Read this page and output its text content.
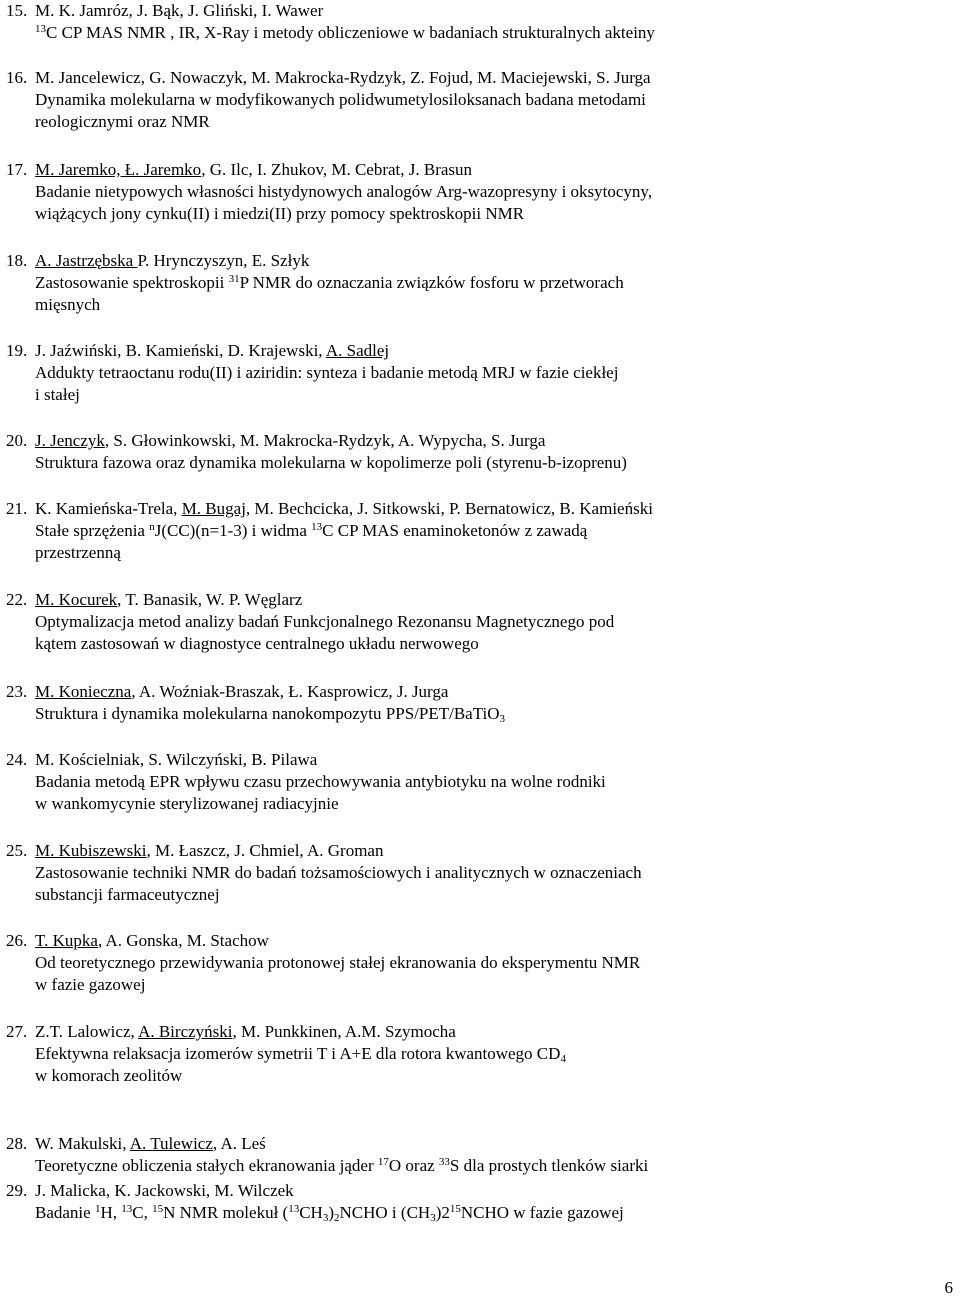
6
15. M. K. Jamróz, J. Bąk, J. Gliński, I. Wawer
$^{13}$C CP MAS NMR , IR, X-Ray i metody obliczeniowe w badaniach strukturalnych akteiny
16. M. Jancelewicz, G. Nowaczyk, M. Makrocka-Rydzyk, Z. Fojud, M. Maciejewski, S. Jurga
Dynamika molekularna w modyfikowanych polidwumetylosiloksanach badana metodami
reologicznymi oraz NMR
17. M. Jaremko, Ł. Jaremko, G. Ilc, I. Zhukov, M. Cebrat, J. Brasun
Badanie nietypowych własności histydynowych analogów Arg-wazopresyny i oksytocyny,
wiążących jony cynku(II) i miedzi(II) przy pomocy spektroskopii NMR
18. A. Jastrzębska P. Hrynczyszyn, E. Szłyk
Zastosowanie spektroskopii $^{31}$P NMR do oznaczania związków fosforu w przetworach
mięsnych
19. J. Jaźwiński, B. Kamieński, D. Krajewski, A. Sadlej
Addukty tetraoctanu rodu(II) i aziridin: synteza i badanie metodą MRJ w fazie ciekłej
i stałej
20. J. Jenczyk, S. Głowinkowski, M. Makrocka-Rydzyk, A. Wypycha, S. Jurga
Struktura fazowa oraz dynamika molekularna w kopolimerze poli (styrenu-b-izoprenu)
21. K. Kamieńska-Trela, M. Bugaj, M. Bechcicka, J. Sitkowski, P. Bernatowicz, B. Kamieński
Stałe sprzężenia $^n$J(CC)(n=1-3) i widma $^{13}$C CP MAS enaminoketonów z zawadą
przestrzenną
22. M. Kocurek, T. Banasik, W. P. Węglarz
Optymalizacja metod analizy badań Funkcjonalnego Rezonansu Magnetycznego pod
kątem zastosowań w diagnostyce centralnego układu nerwowego
23. M. Konieczna, A. Woźniak-Braszak, Ł. Kasprowicz, J. Jurga
Struktura i dynamika molekularna nanokompozytu PPS/PET/BaTiO$_3$
24. M. Kościelniak, S. Wilczyński, B. Pilawa
Badania metodą EPR wpływu czasu przechowywania antybiotyku na wolne rodniki
w wankomycynie sterylizowanej radiacyjnie
25. M. Kubiszewski, M. Łaszcz, J. Chmiel, A. Groman
Zastosowanie techniki NMR do badań tożsamościowych i analitycznych w oznaczeniach
substancji farmaceutycznej
26. T. Kupka, A. Gonska, M. Stachow
Od teoretycznego przewidywania protonowej stałej ekranowania do eksperymentu NMR
w fazie gazowej
27. Z.T. Lalowicz, A. Birczyński, M. Punkkinen, A.M. Szymocha
Efektywna relaksacja izomerów symetrii T i A+E dla rotora kwantowego $CD_4$
w komorach zeolitów
28. W. Makulski, A. Tulewicz, A. Leś
Teoretyczne obliczenia stałych ekranowania jąder $^{17}$O oraz $^{33}$S dla prostych tlenków siarki
29. J. Malicka, K. Jackowski, M. Wilczek
Badanie $^1$H, $^{13}$C, $^{15}$N NMR molekuł $(^{13}CH_3)_2NCHO$ i $(CH_3)2^{15}NCHO$ w fazie gazowej
